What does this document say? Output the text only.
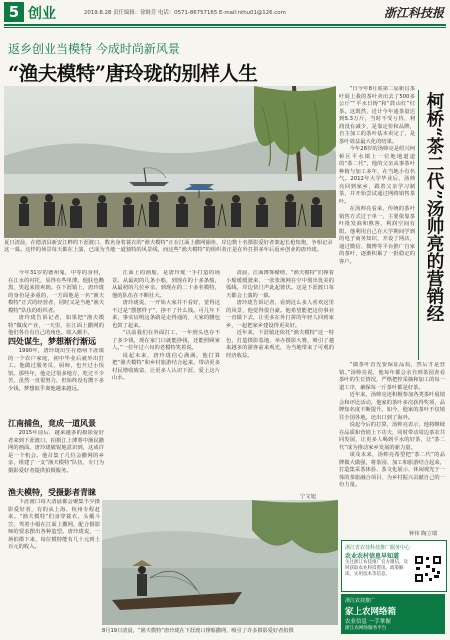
5 创业	2019.8.28 责任编辑：徐继芳 电话：0571-86757165 E-mail:nthu01@126.com	浙江科技报
返乡创业当模特 今成时尚新风景
“渔夫模特”唐玲珑的别样人生
夏日清晨，在德清县新安江畔的下涯渡口，数名身着蓑衣的“渔夫模特”正在江面上撒网捕鱼，岸边数十名摄影爱好者架起长枪短炮，争相记录这一幕。这样的场景每天都在上演，已成为当地一道独特的风景线，而这些“渔夫模特”的组织者正是在外打拼多年后返乡创业的唐玲珑。

今年31岁的德州鬼，中等的身材，在江水的衬托，显得有些单薄。他肤色黝黑，笑起来很爽朗。在下涯镇上，唐玲珑的身份是多重的，一方面他是一名“渔夫模特”正式的经营者，同时又是当地“渔夫模特”队伍的组织者。

唐玲珑告诉记者，如果把“渔夫模特”做成产业，一天里，在江面上撒网的他们各自有自己的角色，收入颇丰。

四处谋生，梦想渐行渐远

1990年，唐玲珑出生在德州下涯镇的一个农户家庭，初中毕业后就外出打工。他做过服务员、厨师，也开过小饭馆。那些年，他走过很多地方，吃过不少苦，虽然一直很努力，但始终没有攒下多少钱，梦想似乎离他越来越远。

江南捕鱼，竟成一道风景

2015年前后，越来越多的摄影爱好者来到下涯渡口，拍摄江上薄雾中渔民撒网的画面。唐玲珑敏锐地意识到，这或许是一个机会。他召集了几位会撒网的乡亲，组建了一支“渔夫模特”队伍，专门为摄影爱好者提供拍摄服务。

渔夫模特，受摄影者青睐

下涯渡口每天清晨都会聚集不少摄影爱好者，有的从上海、杭州专程赶来。“渔夫模特”们身穿蓑衣，头戴斗笠，驾着小船在江面上撒网，配合摄影师的要求摆出各种造型。唐玲珑说，一场拍摄下来，每位模特能有几十元到上百元的收入。

江面上的渔船，是唐玲珑一手打造的场景。从最初的几条小船，到现在的十多条船，从最初的几位乡亲，到现在的二十多名模特，他的队伍在不断壮大。

唐玲珑说，一开始大家并不看好，觉得这不过是“摆摆样子”，挣不了什么钱。可几年下来，事实证明这条路是走得通的，大家的腰包也鼓了起来。

“以前我们在外面打工，一年到头也存不了多少钱，现在家门口就能挣钱，还能照顾家人。”一位年过六旬的老模特笑着说。

说起未来，唐玲珑信心满满。他打算把“渔夫模特”和乡村旅游结合起来，带动更多村民增收致富，让更多人认识下涯，爱上这片山水。

清晨，江面薄雾缭绕，“渔夫模特”们撑着小船缓缓驶来，一张张渔网在空中划出优美的弧线，岸边快门声此起彼伏。这是下涯渡口每天都会上演的一幕。

唐玲珑告诉记者，看到这么多人喜欢这里的风景，他觉得很自豪。他希望能把这份事业一直做下去，让更多在外打拼的年轻人回到家乡，一起把家乡建设得更美好。

近年来，下涯镇还依托“渔夫模特”这一特色，打造摄影基地，举办摄影大赛，吸引了越来越多的游客前来观光，为当地带来了可观的经济收益。

宁文旭
8月19日清晨，“渔夫模特”唐玲珑在下涯渡口撑船撒网，吸引了许多摄影爱好者拍摄

“日今年8月底第二届新昌茶叶展上我的茶叶卖出去了500多公斤”“平水日铸”和“鼓山红”红茶。这既然，近计今年通茶量达到5.3万斤，当时不受亏待，利润没有减少，是靠定价和品牌，自主加工的茶叶基本卖完了，是茶叶效益最大化的结果。

今年28岁的汤帅亮是绍兴柯桥区平水镇上一位地地道道的“茶二代”，他的父亲从事茶叶种植与加工多年，在当地小有名气。2012年大学毕业后，汤帅亮回到家乡，跟着父亲学习制茶，并开始尝试通过网络销售茶叶。

在汤帅亮看来，传统的茶叶销售方式过于单一，主要依靠茶叶批发商和熟客，利润空间有限。他利用自己在大学期间学到的电子商务知识，开设了网店，通过微信、微博等平台推广自家的茶叶，逐渐积累了一批稳定的客户。

“做茶叶首先要保证品质，然后才是营销。”汤帅亮说，他每年都会亲自到茶园查看茶叶的生长情况，严格把控采摘和加工的每一道工序，确保每一斤茶叶都是好茶。

近年来，汤帅亮还积极参加各类茶叶展销会和评比活动，他家的茶叶多次获得奖项，品牌知名度不断提升。如今，他家的茶叶不仅销往全国各地，还出口到了海外。

说起今后的打算，汤帅亮表示，他将继续在品质和营销上下功夫，同时带动周边茶农共同发展，让更多人喝到平水的好茶，让“茶二代”成为推动家乡发展的新力量。

谈及未来，汤帅亮希望把“茶二代”的品牌做大做强，将茶园、加工和旅游结合起来，打造集采茶体验、茶文化展示、休闲观光于一体的茶旅融合项目，为乡村振兴贡献自己的一份力量。

钟伟 陶立瑞
柯桥“茶二代”汤帅亮的营销经
浙江省农技科技推广服务中心
农业农村信息早知道
关注浙江农技推广官方微信，及时获取农业科技资讯、政策解读、实用技术等信息。
浙江农技推广
家上农网络箱
农业信息 一手掌握
浙江农网络服务平台
